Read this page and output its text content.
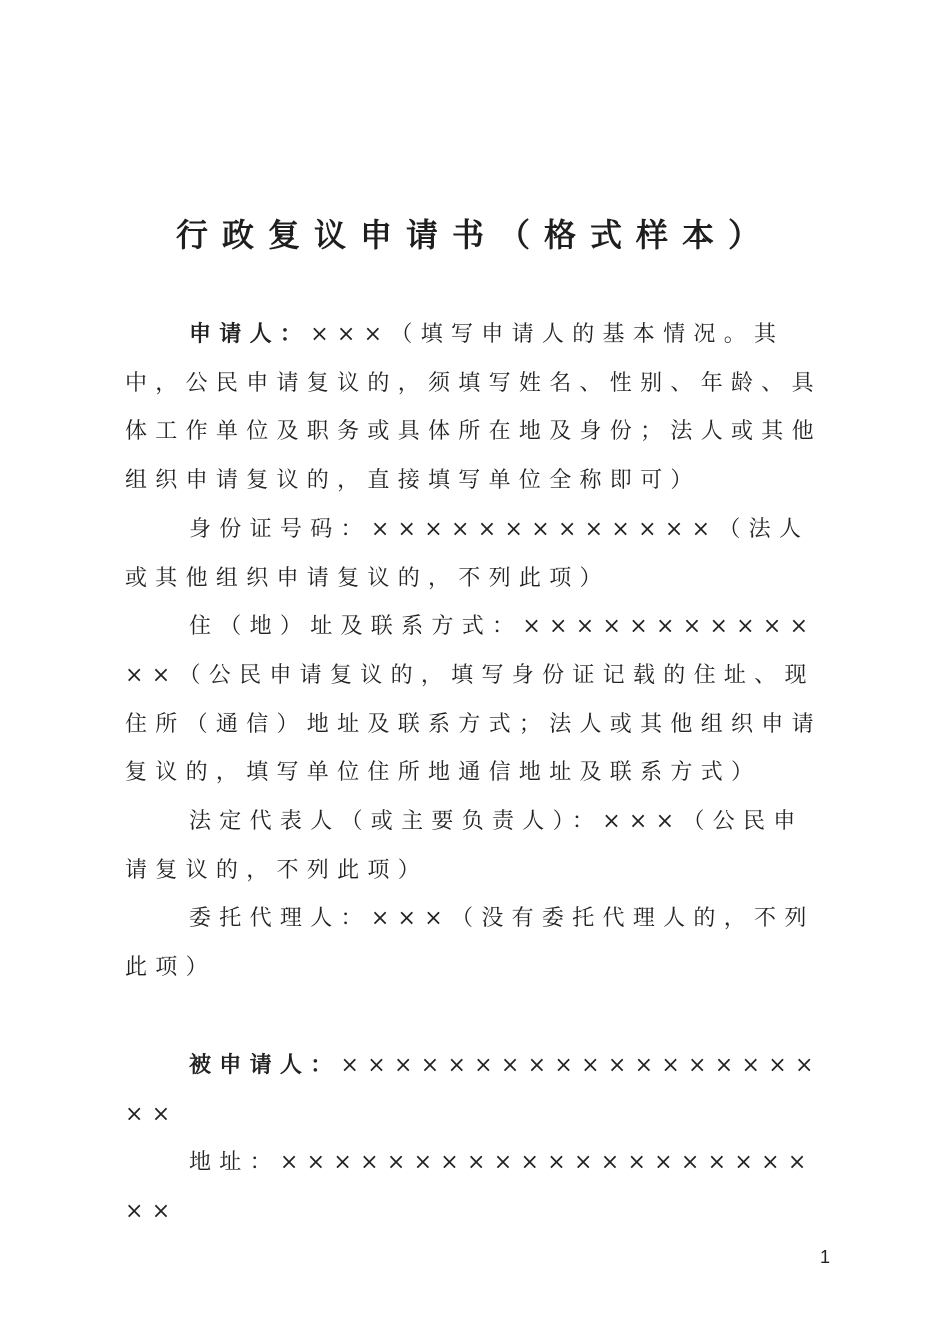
行政复议申请书（格式样本）

申请人：×××（填写申请人的基本情况。其中，公民申请复议的，须填写姓名、性别、年龄、具体工作单位及职务或具体所在地及身份；法人或其他组织申请复议的，直接填写单位全称即可）

身份证号码：×××××××××××××（法人或其他组织申请复议的，不列此项）

住（地）址及联系方式：×××××××××××××（公民申请复议的，填写身份证记载的住址、现住所（通信）地址及联系方式；法人或其他组织申请复议的，填写单位住所地通信地址及联系方式）

法定代表人（或主要负责人）：×××（公民申请复议的，不列此项）

委托代理人：×××（没有委托代理人的，不列此项）

被申请人：××××××××××××××××××××

地址：××××××××××××××××××××××

1
